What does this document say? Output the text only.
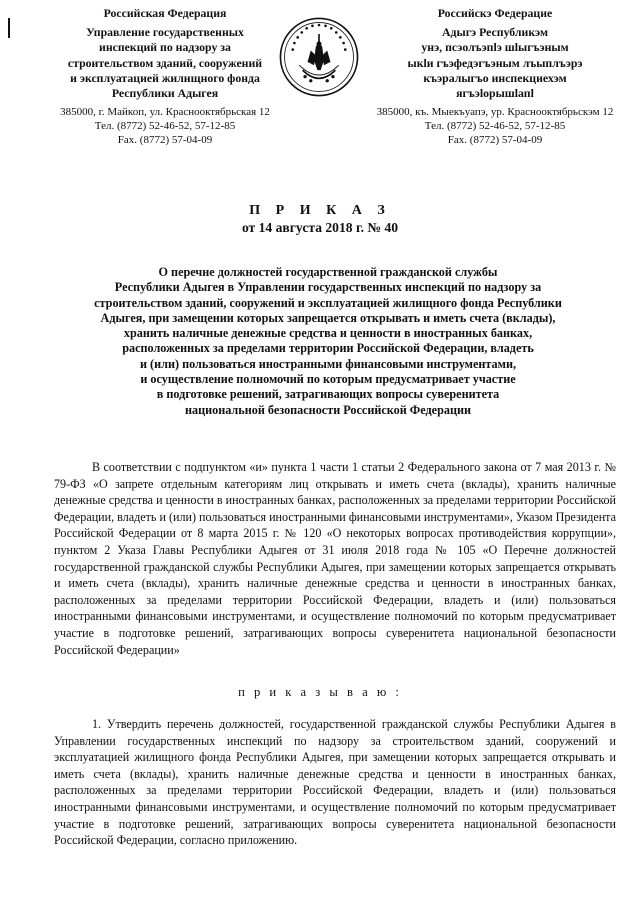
Российская Федерация
Управление государственных
инспекций по надзору за
строительством зданий, сооружений
и эксплуатацией жилищного фонда
Республики Адыгея
385000, г. Майкоп, ул. Краснооктябрьская 12
Тел. (8772) 52-46-52, 57-12-85
Fax. (8772) 57-04-09
Российскэ Федерацие
Адыгэ Республикэм
унэ, псэолъэпlэ шlыгъэным
ыкlи гъэфедэгъэным лъыплъэрэ
къэралыгъо инспекциехэм
ягъэlорышlапl
385000, къ. Мыекъуапэ, ур. Краснооктябрьскэм 12
Тел. (8772) 52-46-52, 57-12-85
Fax. (8772) 57-04-09
П Р И К А З
от 14 августа 2018 г. № 40
О перечне должностей государственной гражданской службы
Республики Адыгея в Управлении государственных инспекций по надзору за
строительством зданий, сооружений и эксплуатацией жилищного фонда Республики
Адыгея, при замещении которых запрещается открывать и иметь счета (вклады),
хранить наличные денежные средства и ценности в иностранных банках,
расположенных за пределами территории Российской Федерации, владеть
и (или) пользоваться иностранными финансовыми инструментами,
и осуществление полномочий по которым предусматривает участие
в подготовке решений, затрагивающих вопросы суверенитета
национальной безопасности Российской Федерации
В соответствии с подпунктом «и» пункта 1 части 1 статьи 2 Федерального закона от 7 мая 2013 г. № 79-ФЗ «О запрете отдельным категориям лиц открывать и иметь счета (вклады), хранить наличные денежные средства и ценности в иностранных банках, расположенных за пределами территории Российской Федерации, владеть и (или) пользоваться иностранными финансовыми инструментами», Указом Президента Российской Федерации от 8 марта 2015 г. № 120 «О некоторых вопросах противодействия коррупции», пунктом 2 Указа Главы Республики Адыгея от 31 июля 2018 года № 105 «О Перечне должностей государственной гражданской службы Республики Адыгея, при замещении которых запрещается открывать и иметь счета (вклады), хранить наличные денежные средства и ценности в иностранных банках, расположенных за пределами территории Российской Федерации, владеть и (или) пользоваться иностранными финансовыми инструментами, и осуществление полномочий по которым предусматривает участие в подготовке решений, затрагивающих вопросы суверенитета национальной безопасности Российской Федерации»
п р и к а з ы в а ю :
1. Утвердить перечень должностей, государственной гражданской службы Республики Адыгея в Управлении государственных инспекций по надзору за строительством зданий, сооружений и эксплуатацией жилищного фонда Республики Адыгея, при замещении которых запрещается открывать и иметь счета (вклады), хранить наличные денежные средства и ценности в иностранных банках, расположенных за пределами территории Российской Федерации, владеть и (или) пользоваться иностранными финансовыми инструментами, и осуществление полномочий по которым предусматривает участие в подготовке решений, затрагивающих вопросы суверенитета национальной безопасности Российской Федерации, согласно приложению.
